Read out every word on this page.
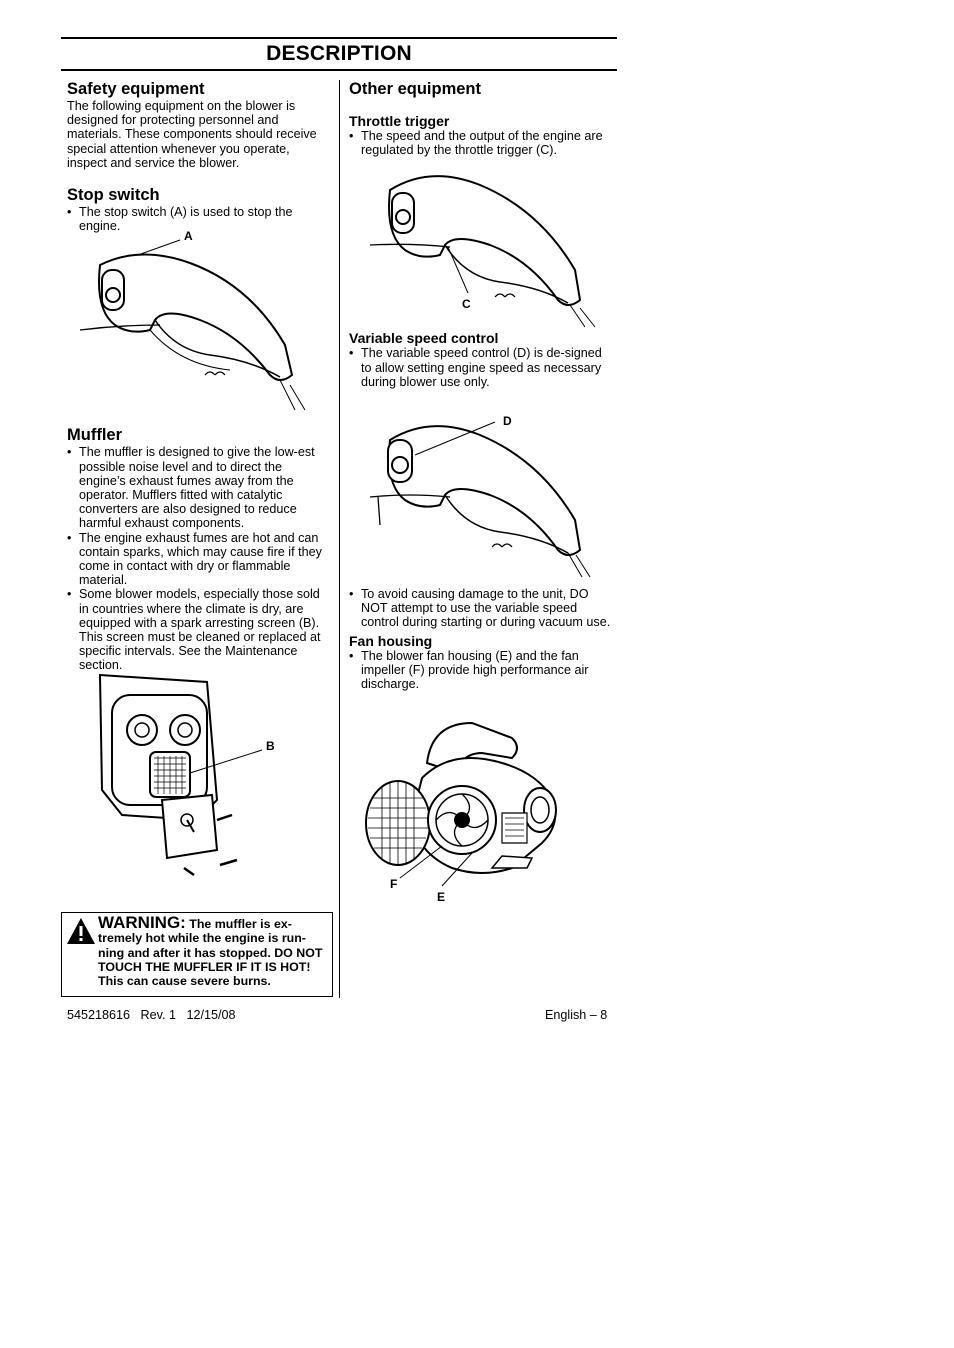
DESCRIPTION
Safety equipment

The following equipment on the blower is designed for protecting personnel and materials. These components should receive special attention whenever you operate, inspect and service the blower.

Stop switch
• The stop switch (A) is used to stop the engine.
Muffler
• The muffler is designed to give the low-est possible noise level and to direct the engine’s exhaust fumes away from the operator. Mufflers fitted with catalytic converters are also designed to reduce harmful exhaust components.
• The engine exhaust fumes are hot and can contain sparks, which may cause fire if they come in contact with dry or flammable material.
• Some blower models, especially those sold in countries where the climate is dry, are equipped with a spark arresting screen (B). This screen must be cleaned or replaced at specific intervals. See the Maintenance section.
A
B
WARNING: The muffler is ex-tremely hot while the engine is run-ning and after it has stopped. DO NOT TOUCH THE MUFFLER IF IT IS HOT! This can cause severe burns.
Other equipment
Throttle trigger
• The speed and the output of the engine are regulated by the throttle trigger (C).
Variable speed control
• The variable speed control (D) is de-signed to allow setting engine speed as necessary during blower use only.
• To avoid causing damage to the unit, DO NOT attempt to use the variable speed control during starting or during vacuum use.
Fan housing
• The blower fan housing (E) and the fan impeller (F) provide high performance air discharge.
C
D
F
E
545218616   Rev. 1   12/15/08	English – 8
